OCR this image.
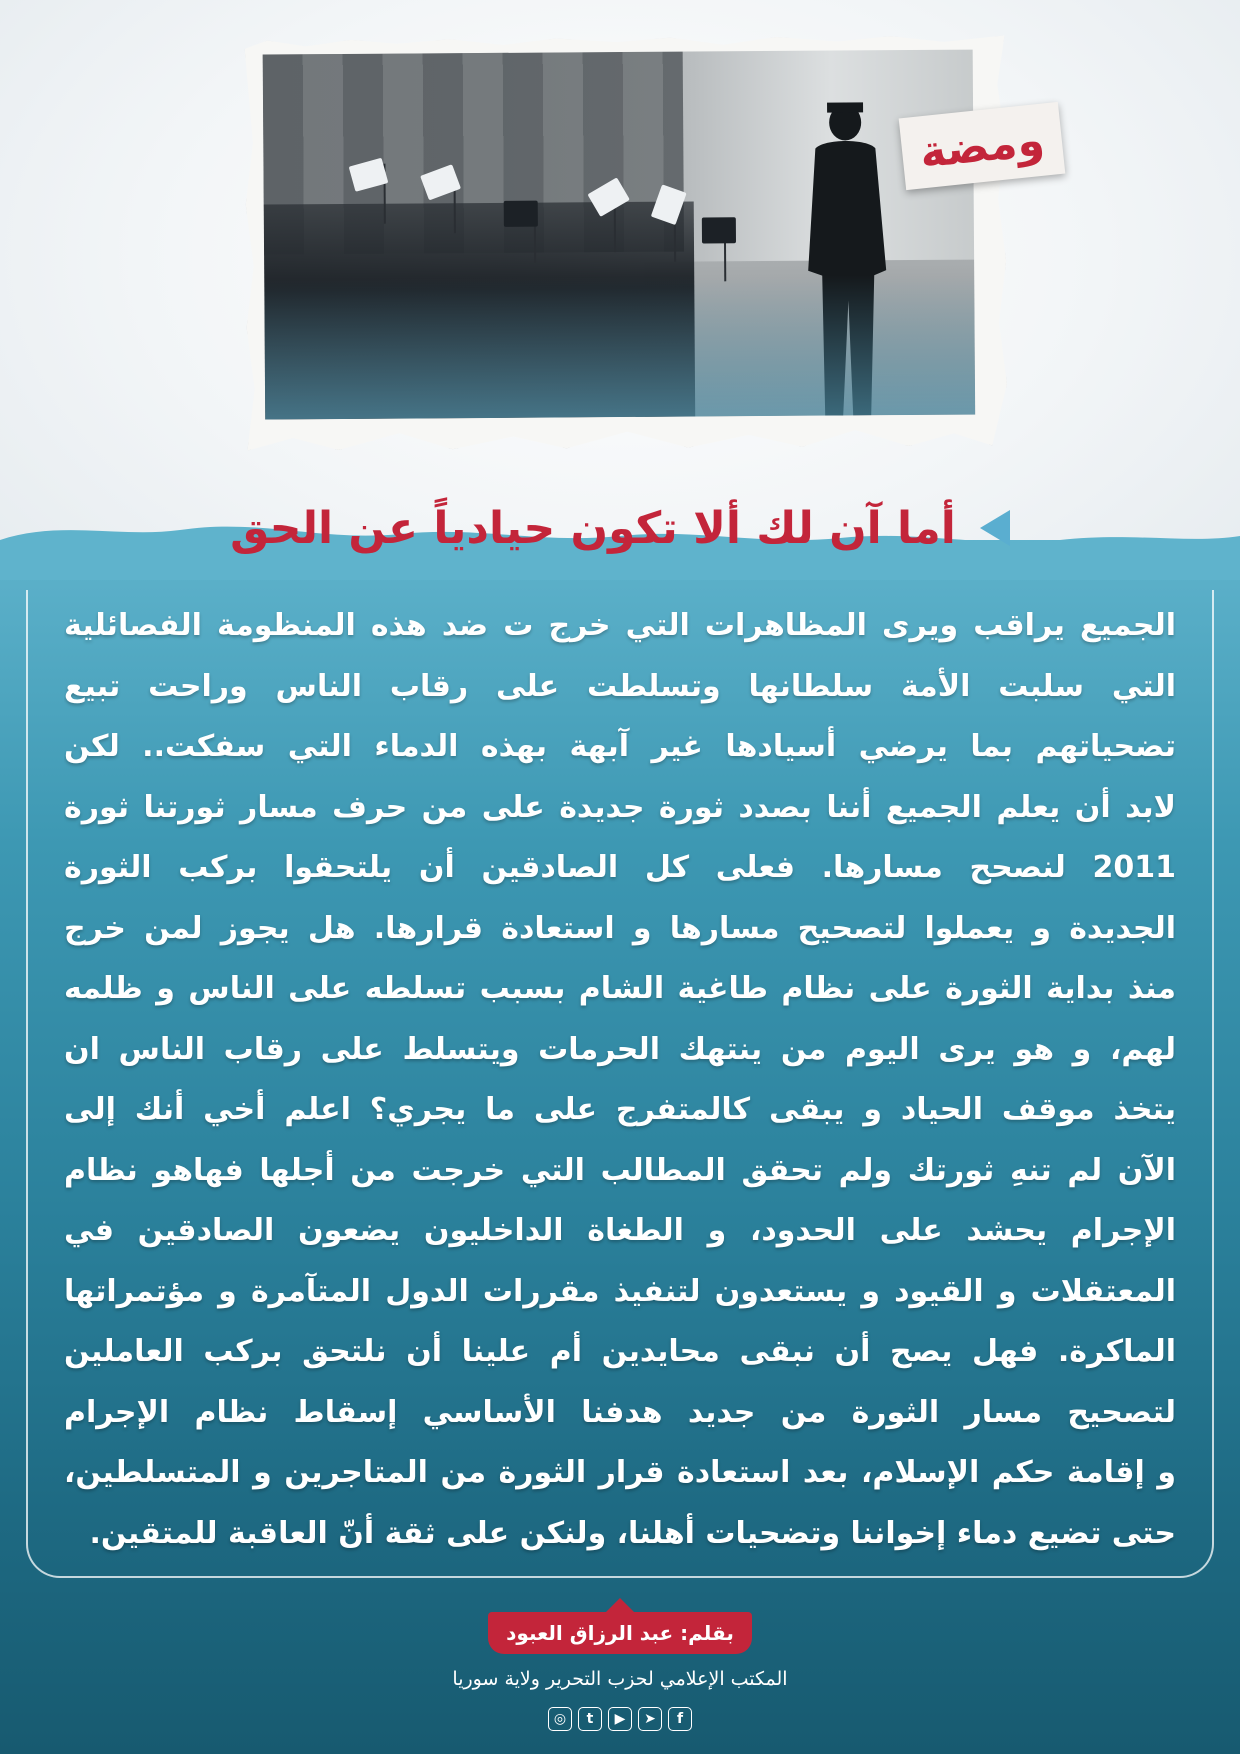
ومضة
أما آن لك ألا تكون حيادياً عن الحق
الجميع يراقب ويرى المظاهرات التي خرج ت ضد هذه المنظومة الفصائلية
التي سلبت الأمة سلطانها وتسلطت على رقاب الناس وراحت تبيع
تضحياتهم بما يرضي أسيادها غير آبهة بهذه الدماء التي سفكت.. لكن
لابد أن يعلم الجميع أننا بصدد ثورة جديدة على من حرف مسار ثورتنا ثورة
2011 لنصحح مسارها. فعلى كل الصادقين أن يلتحقوا بركب الثورة
الجديدة و يعملوا لتصحيح مسارها و استعادة قرارها. هل يجوز لمن خرج
منذ بداية الثورة على نظام طاغية الشام بسبب تسلطه على الناس و ظلمه
لهم، و هو يرى اليوم من ينتهك الحرمات ويتسلط على رقاب الناس ان
يتخذ موقف الحياد و يبقى كالمتفرج على ما يجري؟ اعلم أخي أنك إلى
الآن لم تنهِ ثورتك ولم تحقق المطالب التي خرجت من أجلها فهاهو نظام
الإجرام يحشد على الحدود، و الطغاة الداخليون يضعون الصادقين في
المعتقلات و القيود و يستعدون لتنفيذ مقررات الدول المتآمرة و مؤتمراتها
الماكرة. فهل يصح أن نبقى محايدين أم علينا أن نلتحق بركب العاملين
لتصحيح مسار الثورة من جديد هدفنا الأساسي إسقاط نظام الإجرام
و إقامة حكم الإسلام، بعد استعادة قرار الثورة من المتاجرين و المتسلطين،
حتى تضيع دماء إخواننا وتضحيات أهلنا، ولنكن على ثقة أنّ العاقبة للمتقين.
بقلم: عبد الرزاق العبود
المكتب الإعلامي لحزب التحرير ولاية سوريا
◎	t	▶	➤	f
